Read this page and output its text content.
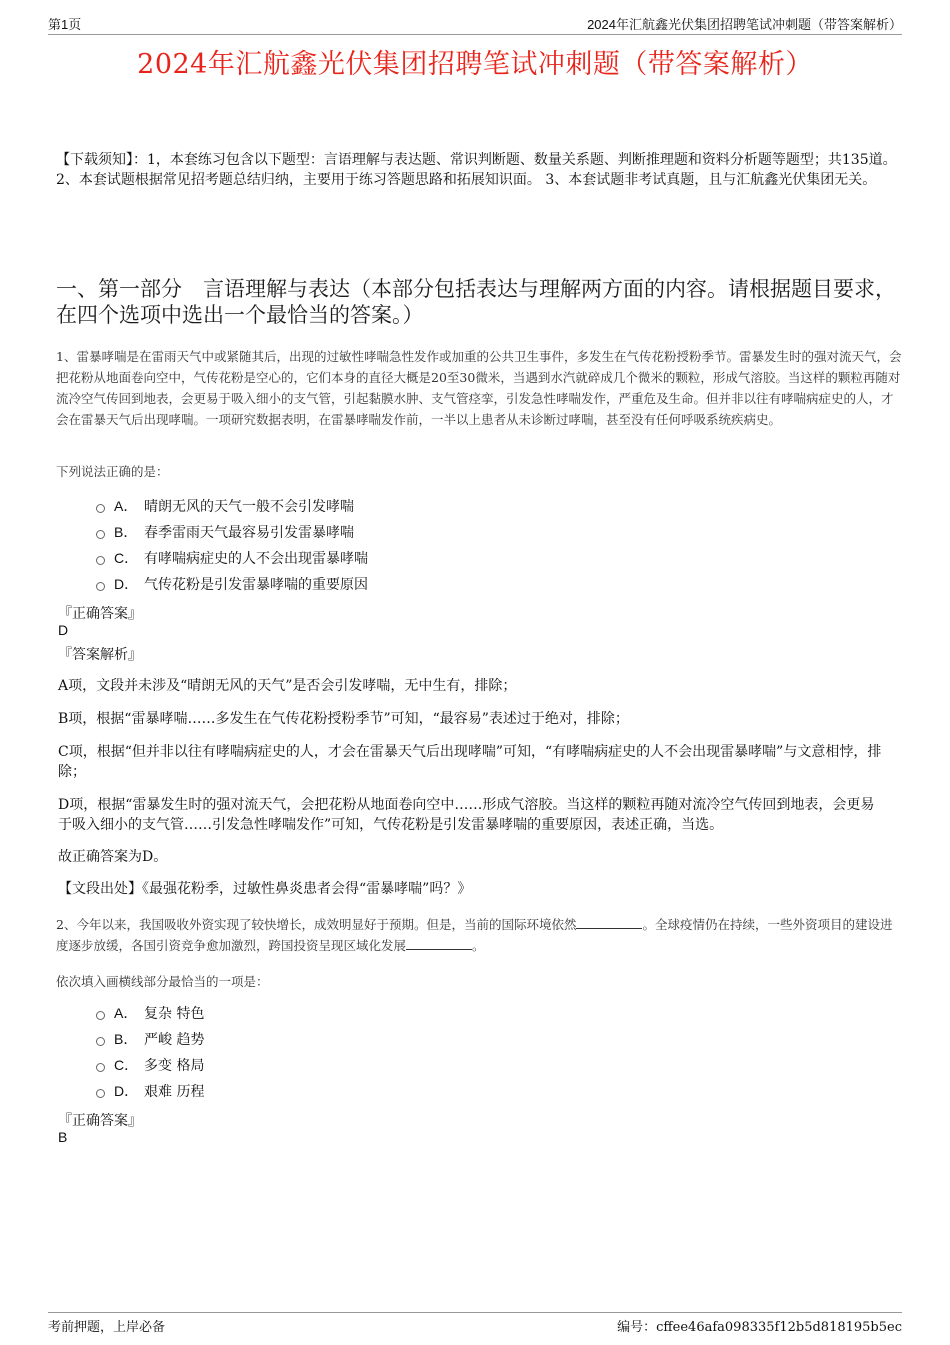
第1页	2024年汇航鑫光伏集团招聘笔试冲刺题（带答案解析）
2024年汇航鑫光伏集团招聘笔试冲刺题（带答案解析）
【下载须知】：1，本套练习包含以下题型：言语理解与表达题、常识判断题、数量关系题、判断推理题和资料分析题等题型；共135道。 2、本套试题根据常见招考题总结归纳，主要用于练习答题思路和拓展知识面。 3、本套试题非考试真题，且与汇航鑫光伏集团无关。
一、第一部分　言语理解与表达（本部分包括表达与理解两方面的内容。请根据题目要求，在四个选项中选出一个最恰当的答案。）
1、雷暴哮喘是在雷雨天气中或紧随其后，出现的过敏性哮喘急性发作或加重的公共卫生事件，多发生在气传花粉授粉季节。雷暴发生时的强对流天气，会把花粉从地面卷向空中，气传花粉是空心的，它们本身的直径大概是20至30微米，当遇到水汽就碎成几个微米的颗粒，形成气溶胶。当这样的颗粒再随对流冷空气传回到地表，会更易于吸入细小的支气管，引起黏膜水肿、支气管痉挛，引发急性哮喘发作，严重危及生命。但并非以往有哮喘病症史的人，才会在雷暴天气后出现哮喘。一项研究数据表明，在雷暴哮喘发作前，一半以上患者从未诊断过哮喘，甚至没有任何呼吸系统疾病史。
下列说法正确的是：
A． 晴朗无风的天气一般不会引发哮喘
B． 春季雷雨天气最容易引发雷暴哮喘
C． 有哮喘病症史的人不会出现雷暴哮喘
D． 气传花粉是引发雷暴哮喘的重要原因
『正确答案』
D
『答案解析』
A项，文段并未涉及“晴朗无风的天气”是否会引发哮喘，无中生有，排除；
B项，根据“雷暴哮喘……多发生在气传花粉授粉季节”可知，“最容易”表述过于绝对，排除；
C项，根据“但并非以往有哮喘病症史的人，才会在雷暴天气后出现哮喘”可知，“有哮喘病症史的人不会出现雷暴哮喘”与文意相悖，排除；
D项，根据“雷暴发生时的强对流天气，会把花粉从地面卷向空中……形成气溶胶。当这样的颗粒再随对流冷空气传回到地表，会更易于吸入细小的支气管……引发急性哮喘发作”可知，气传花粉是引发雷暴哮喘的重要原因，表述正确，当选。
故正确答案为D。
【文段出处】《最强花粉季，过敏性鼻炎患者会得“雷暴哮喘”吗？》
2、今年以来，我国吸收外资实现了较快增长，成效明显好于预期。但是，当前的国际环境依然	。全球疫情仍在持续，一些外资项目的建设进度逐步放缓，各国引资竞争愈加激烈，跨国投资呈现区域化发展	。
依次填入画横线部分最恰当的一项是：
A． 复杂 特色
B． 严峻 趋势
C． 多变 格局
D． 艰难 历程
『正确答案』
B
考前押题，上岸必备	编号：cffee46afa098335f12b5d818195b5ec
